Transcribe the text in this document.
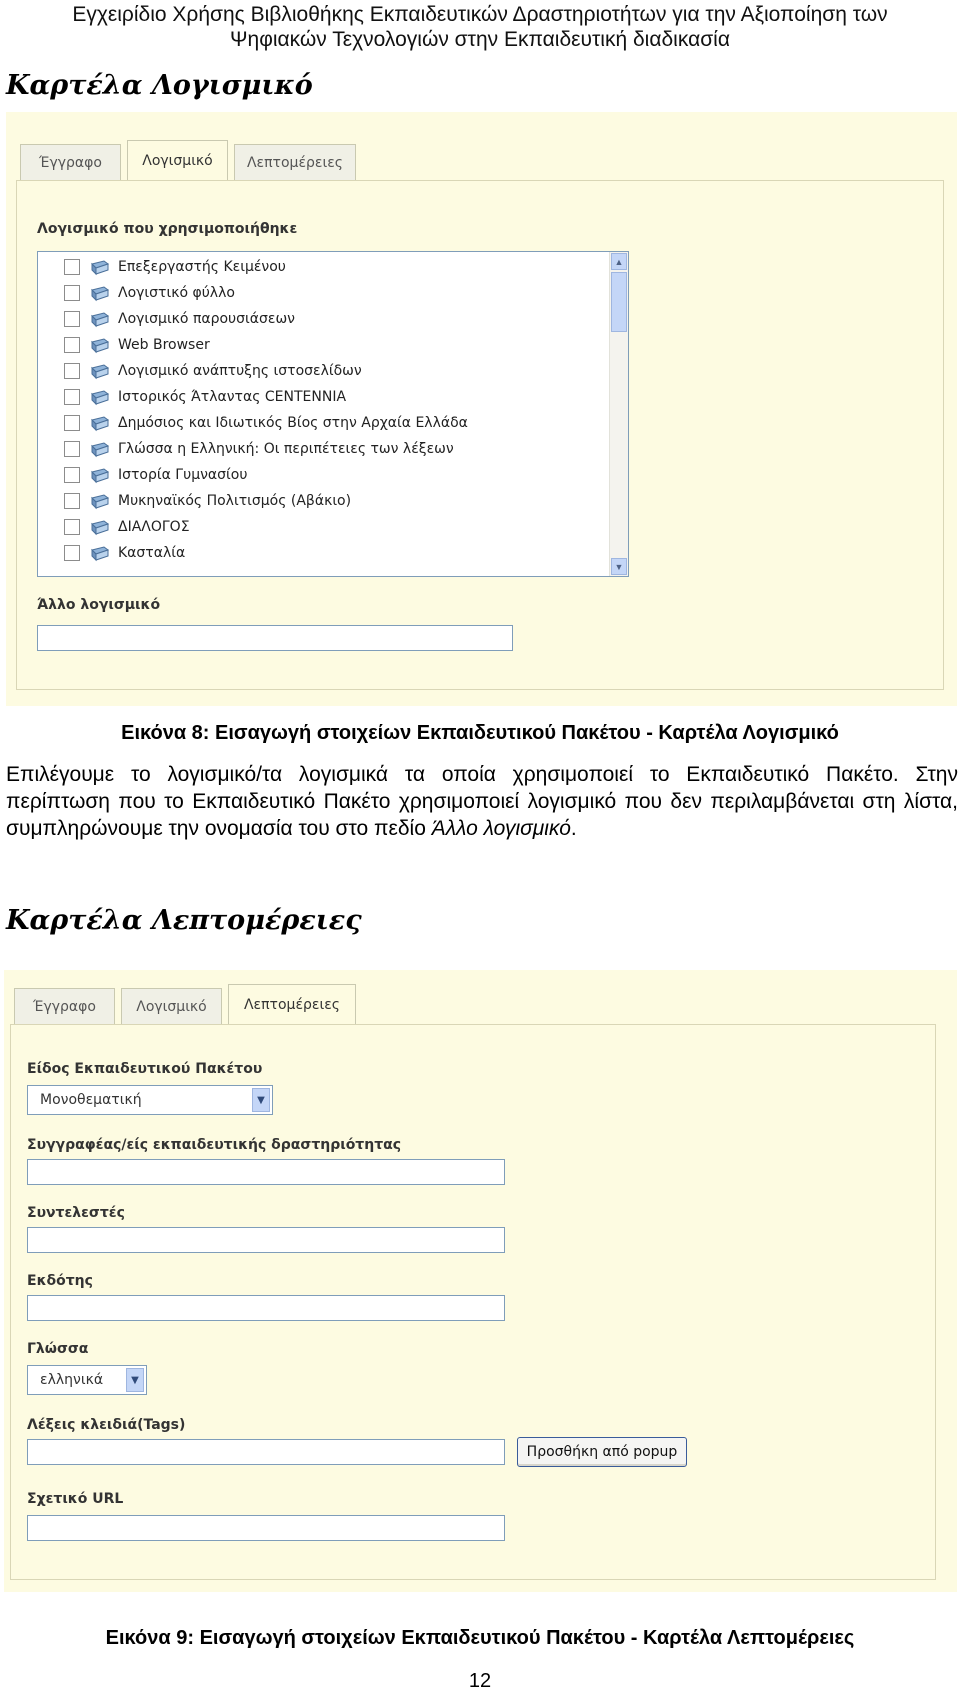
Εγχειρίδιο Χρήσης Βιβλιοθήκης Εκπαιδευτικών Δραστηριοτήτων για την Αξιοποίηση των
Ψηφιακών Τεχνολογιών στην Εκπαιδευτική διαδικασία
Καρτέλα Λογισμικό
Έγγραφο	Λογισμικό	Λεπτομέρειες
Λογισμικό που χρησιμοποιήθηκε
Επεξεργαστής Κειμένου
Λογιστικό φύλλο
Λογισμικό παρουσιάσεων
Web Browser
Λογισμικό ανάπτυξης ιστοσελίδων
Ιστορικός Άτλαντας CENTENNIA
Δημόσιος και Ιδιωτικός Βίος στην Αρχαία Ελλάδα
Γλώσσα η Ελληνική: Οι περιπέτειες των λέξεων
Ιστορία Γυμνασίου
Μυκηναϊκός Πολιτισμός (Αβάκιο)
ΔΙΑΛΟΓΟΣ
Κασταλία
▲
▼
Άλλο λογισμικό
Εικόνα 8: Εισαγωγή στοιχείων Εκπαιδευτικού Πακέτου - Καρτέλα Λογισμικό
Επιλέγουμε το λογισμικό/τα λογισμικά τα οποία χρησιμοποιεί το Εκπαιδευτικό Πακέτο. Στην περίπτωση που το Εκπαιδευτικό Πακέτο χρησιμοποιεί λογισμικό που δεν περιλαμβάνεται στη λίστα, συμπληρώνουμε την ονομασία του στο πεδίο Άλλο λογισμικό.
Καρτέλα Λεπτομέρειες
Έγγραφο	Λογισμικό	Λεπτομέρειες
Είδος Εκπαιδευτικού Πακέτου
Μονοθεματική	▼
Συγγραφέας/είς εκπαιδευτικής δραστηριότητας
Συντελεστές
Εκδότης
Γλώσσα
ελληνικά	▼
Λέξεις κλειδιά(Tags)
Προσθήκη από popup
Σχετικό URL
Εικόνα 9: Εισαγωγή στοιχείων Εκπαιδευτικού Πακέτου - Καρτέλα Λεπτομέρειες
12
